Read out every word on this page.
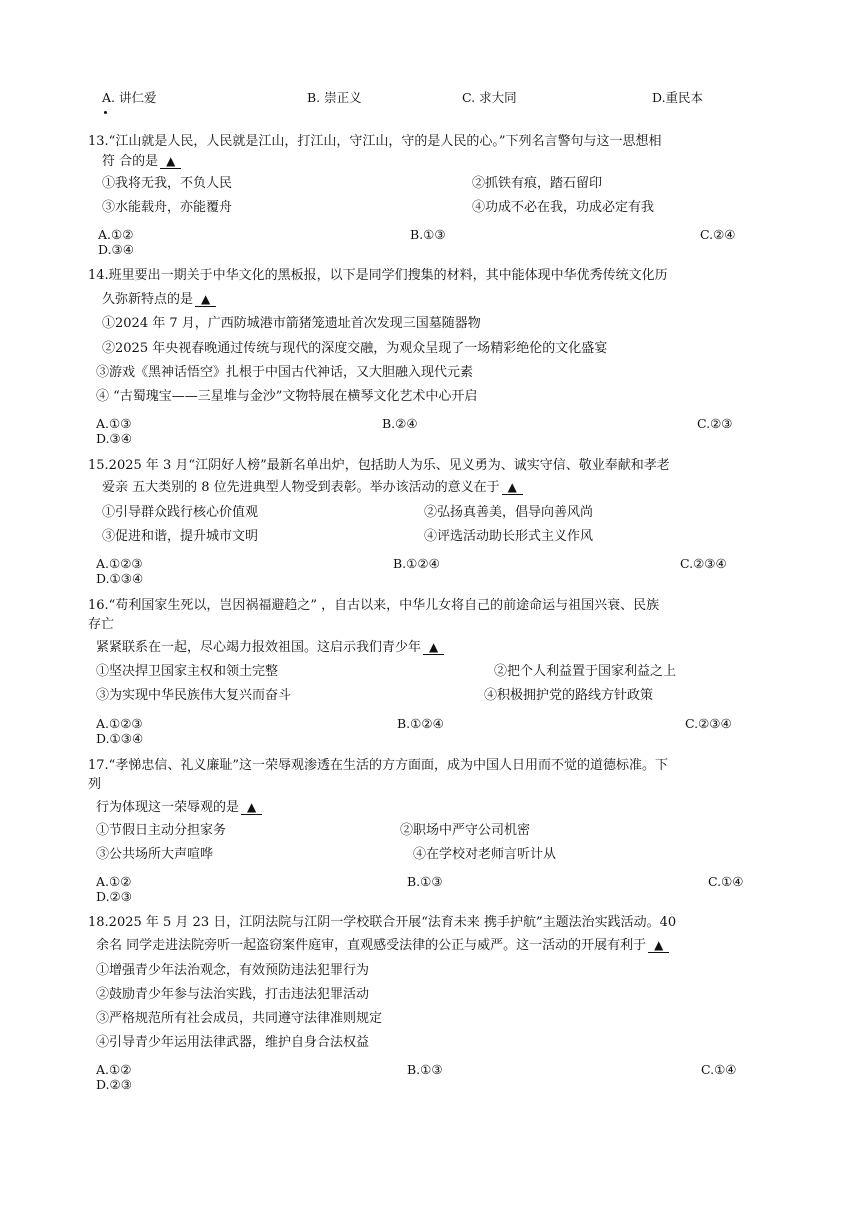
A. 讲仁爱	B. 崇正义	C. 求大同	D.重民本
13.“江山就是人民，人民就是江山，打江山，守江山，守的是人民的心。”下列名言警句与这一思想相
符 合的是 ▲
①我将无我，不负人民	②抓铁有痕，踏石留印
③水能载舟，亦能覆舟	④功成不必在我，功成必定有我
A.①②	B.①③	C.②④
D.③④
14.班里要出一期关于中华文化的黑板报，以下是同学们搜集的材料，其中能体现中华优秀传统文化历
久弥新特点的是 ▲
①2024 年 7 月，广西防城港市箭猪笼遗址首次发现三国墓随器物
②2025 年央视春晚通过传统与现代的深度交融，为观众呈现了一场精彩绝伦的文化盛宴
③游戏《黑神话悟空》扎根于中国古代神话，又大胆融入现代元素
④ “古蜀瑰宝——三星堆与金沙”文物特展在横琴文化艺术中心开启
A.①③	B.②④	C.②③
D.③④
15.2025 年 3 月“江阴好人榜”最新名单出炉，包括助人为乐、见义勇为、诚实守信、敬业奉献和孝老
爱亲 五大类别的 8 位先进典型人物受到表彰。举办该活动的意义在于 ▲
①引导群众践行核心价值观	②弘扬真善美，倡导向善风尚
③促进和谐，提升城市文明	④评选活动助长形式主义作风
A.①②③	B.①②④	C.②③④
D.①③④
16.“苟利国家生死以，岂因祸福避趋之” ，自古以来，中华儿女将自己的前途命运与祖国兴衰、民族
存亡
紧紧联系在一起，尽心竭力报效祖国。这启示我们青少年 ▲
①坚决捍卫国家主权和领土完整	②把个人利益置于国家利益之上
③为实现中华民族伟大复兴而奋斗	④积极拥护党的路线方针政策
A.①②③	B.①②④	C.②③④
D.①③④
17.“孝悌忠信、礼义廉耻”这一荣辱观渗透在生活的方方面面，成为中国人日用而不觉的道德标准。下
列
行为体现这一荣辱观的是 ▲
①节假日主动分担家务	②职场中严守公司机密
③公共场所大声喧哗	④在学校对老师言听计从
A.①②	B.①③	C.①④
D.②③
18.2025 年 5 月 23 日，江阴法院与江阴一学校联合开展“法育未来 携手护航”主题法治实践活动。40
余名 同学走进法院旁听一起盗窃案件庭审，直观感受法律的公正与威严。这一活动的开展有利于 ▲
①增强青少年法治观念，有效预防违法犯罪行为
②鼓励青少年参与法治实践，打击违法犯罪活动
③严格规范所有社会成员，共同遵守法律准则规定
④引导青少年运用法律武器，维护自身合法权益
A.①②	B.①③	C.①④
D.②③
